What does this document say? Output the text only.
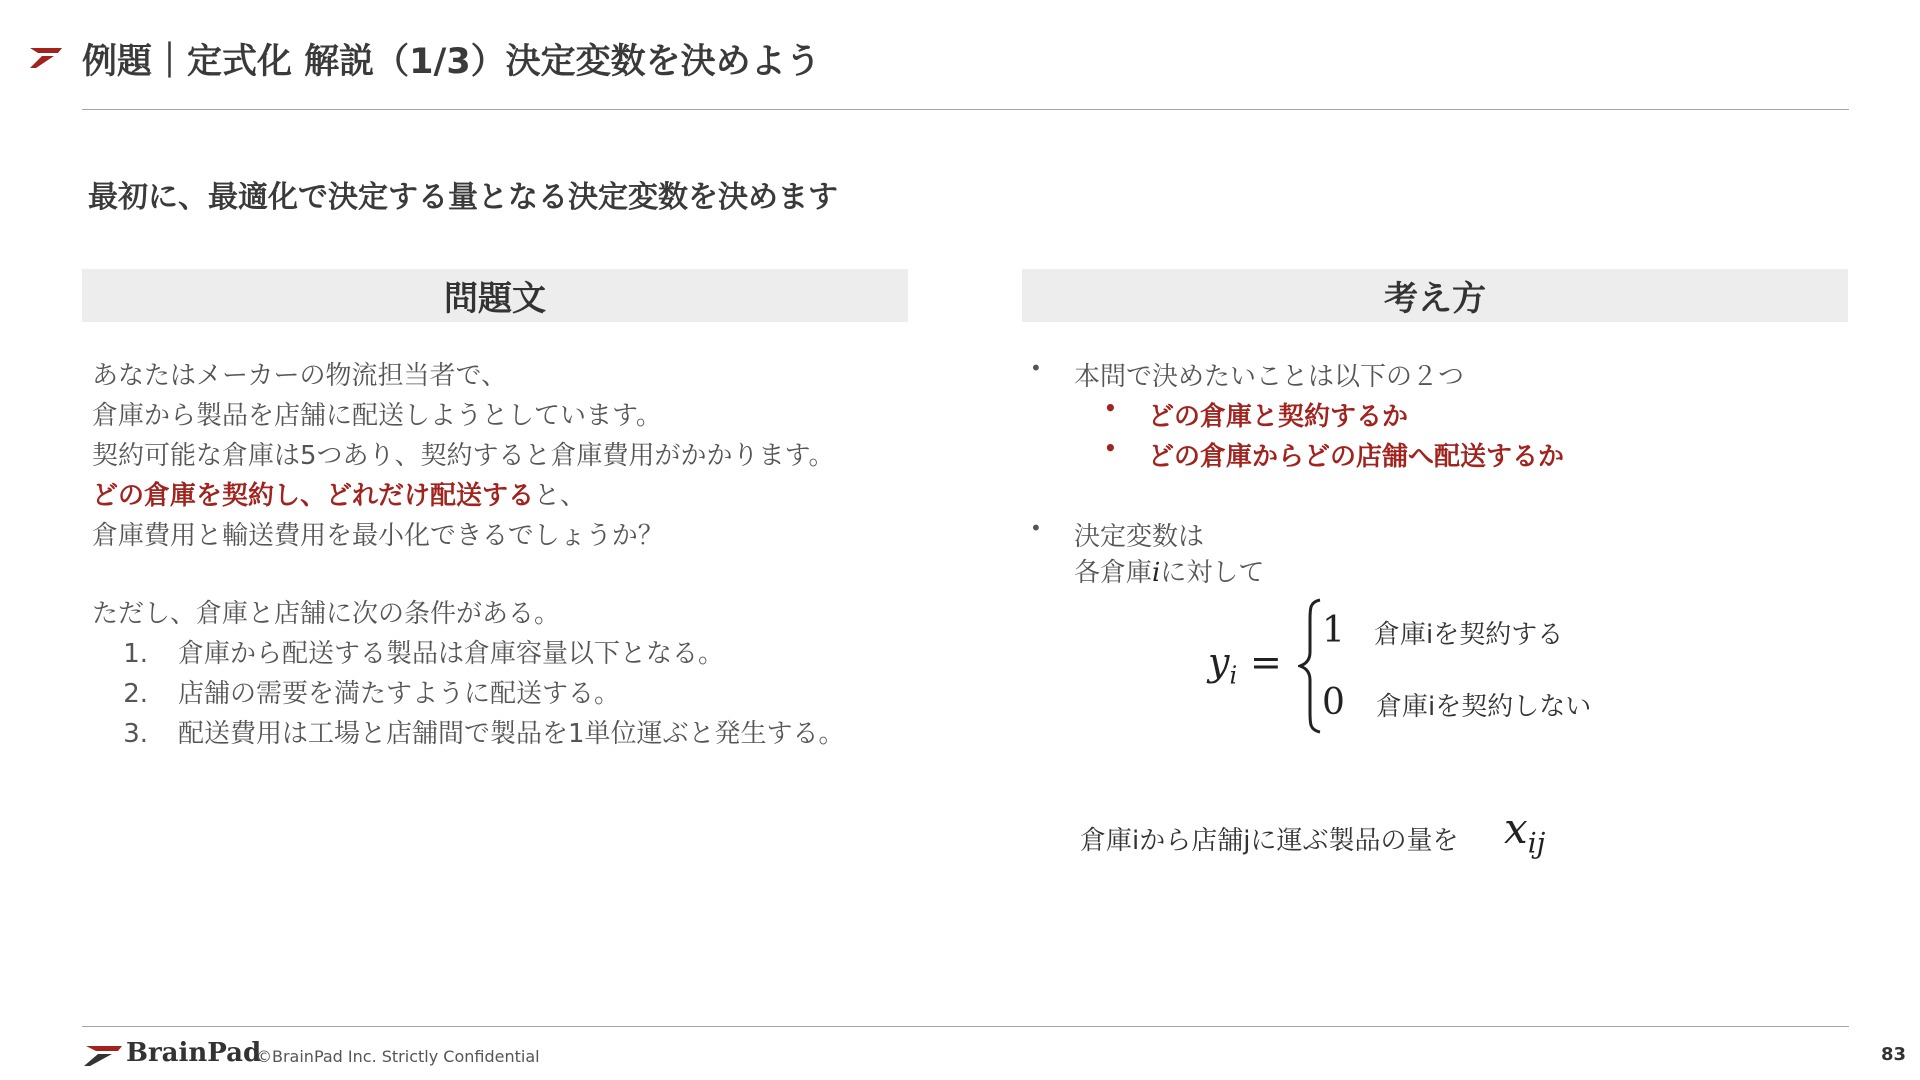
例題｜定式化 解説（1/3）決定変数を決めよう
最初に、最適化で決定する量となる決定変数を決めます
問題文	考え方
あなたはメーカーの物流担当者で、
倉庫から製品を店舗に配送しようとしています。
契約可能な倉庫は5つあり、契約すると倉庫費用がかかります。
どの倉庫を契約し、どれだけ配送すると、
倉庫費用と輸送費用を最小化できるでしょうか？
ただし、倉庫と店舗に次の条件がある。
1.	倉庫から配送する製品は倉庫容量以下となる。
2.	店舗の需要を満たすように配送する。
3.	配送費用は工場と店舗間で製品を1単位運ぶと発生する。
• 本問で決めたいことは以下の２つ
• どの倉庫と契約するか
• どの倉庫からどの店舗へ配送するか
• 決定変数は
各倉庫iに対して
$y_i$ =
1 倉庫iを契約する
0 倉庫iを契約しない
倉庫iから店舗jに運ぶ製品の量を $x_{ij}$
BrainPad
©BrainPad Inc. Strictly Confidential	83
